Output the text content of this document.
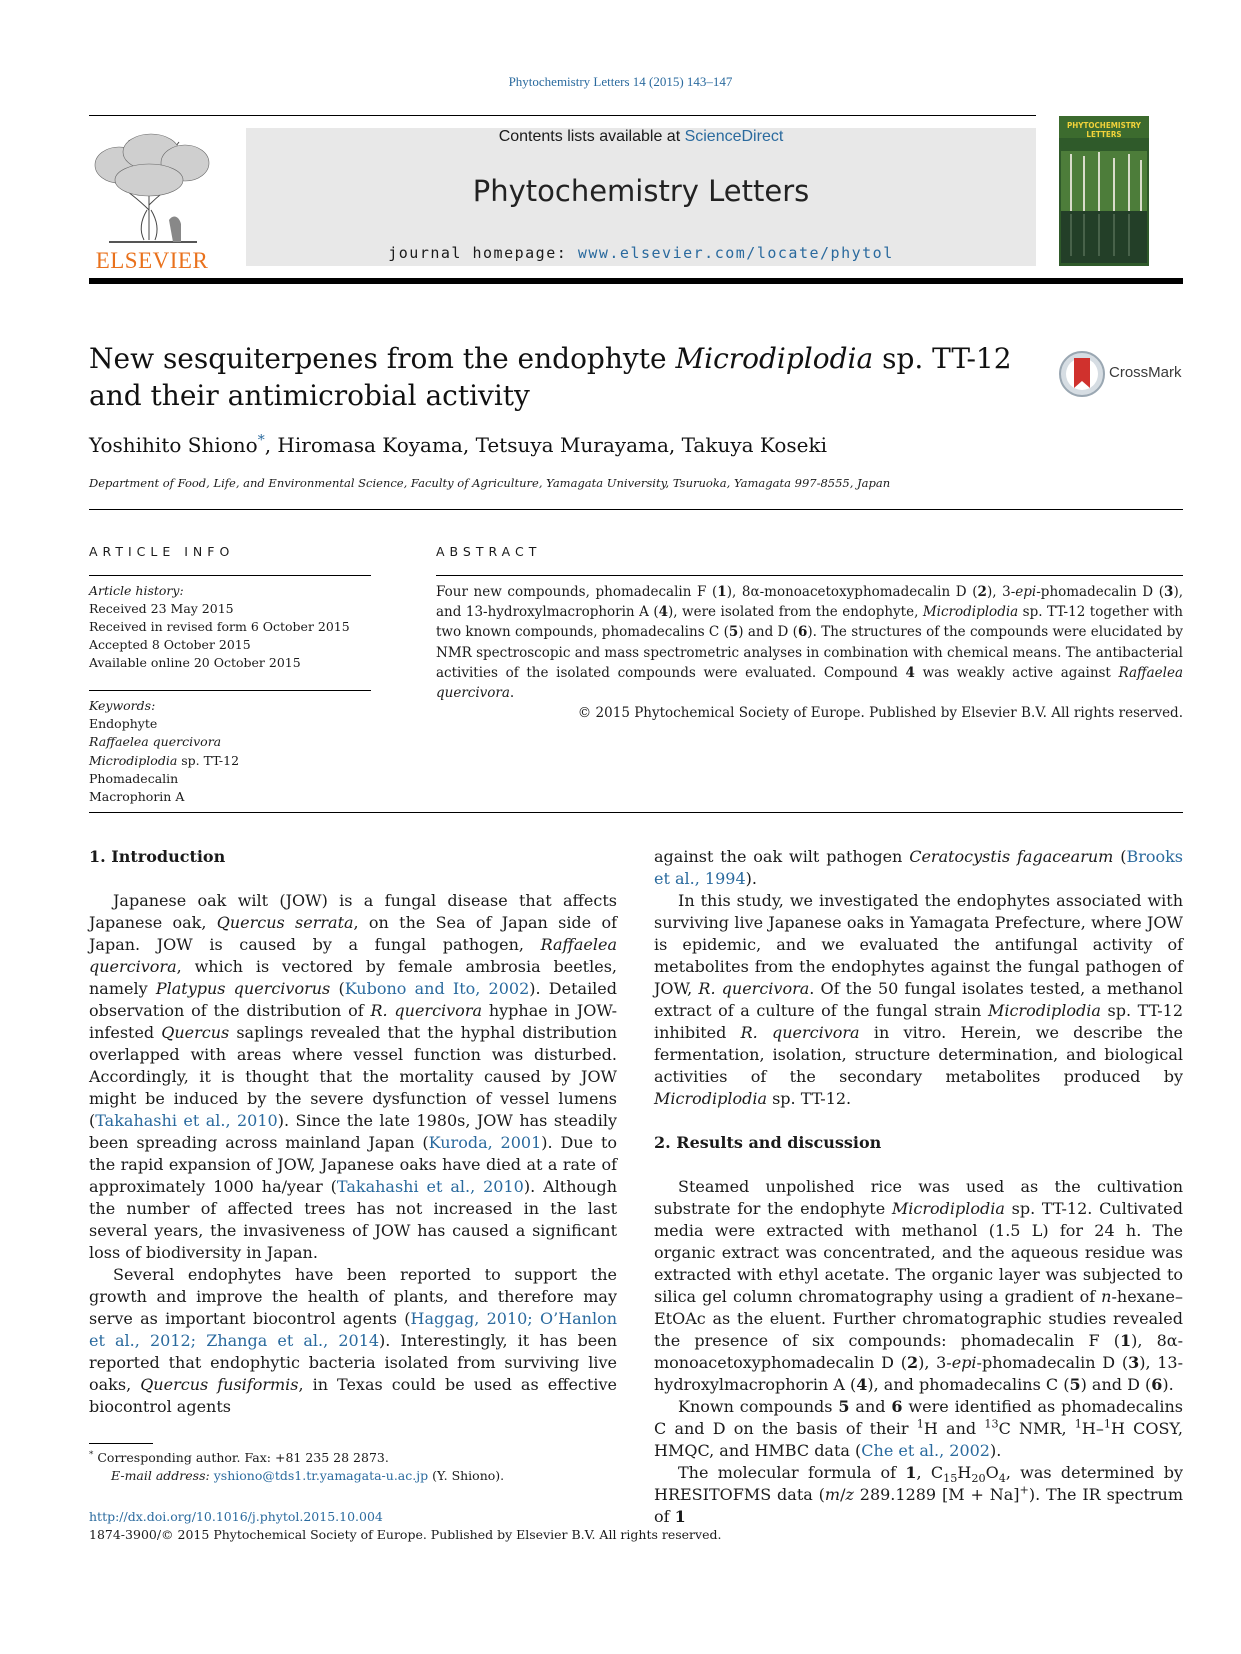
Phytochemistry Letters 14 (2015) 143–147
ELSEVIER
Contents lists available at ScienceDirect
Phytochemistry Letters
journal homepage: www.elsevier.com/locate/phytol
PHYTOCHEMISTRY LETTERS
New sesquiterpenes from the endophyte Microdiplodia sp. TT-12 and their antimicrobial activity
CrossMark
Yoshihito Shiono*, Hiromasa Koyama, Tetsuya Murayama, Takuya Koseki
Department of Food, Life, and Environmental Science, Faculty of Agriculture, Yamagata University, Tsuruoka, Yamagata 997-8555, Japan
ARTICLE INFO	ABSTRACT
Article history:
Received 23 May 2015
Received in revised form 6 October 2015
Accepted 8 October 2015
Available online 20 October 2015
Keywords:
Endophyte
Raffaelea quercivora
Microdiplodia sp. TT-12
Phomadecalin
Macrophorin A
Four new compounds, phomadecalin F (1), 8α-monoacetoxyphomadecalin D (2), 3-epi-phomadecalin D (3), and 13-hydroxylmacrophorin A (4), were isolated from the endophyte, Microdiplodia sp. TT-12 together with two known compounds, phomadecalins C (5) and D (6). The structures of the compounds were elucidated by NMR spectroscopic and mass spectrometric analyses in combination with chemical means. The antibacterial activities of the isolated compounds were evaluated. Compound 4 was weakly active against Raffaelea quercivora.
© 2015 Phytochemical Society of Europe. Published by Elsevier B.V. All rights reserved.
1. Introduction

Japanese oak wilt (JOW) is a fungal disease that affects Japanese oak, Quercus serrata, on the Sea of Japan side of Japan. JOW is caused by a fungal pathogen, Raffaelea quercivora, which is vectored by female ambrosia beetles, namely Platypus quercivorus (Kubono and Ito, 2002). Detailed observation of the distribution of R. quercivora hyphae in JOW-infested Quercus saplings revealed that the hyphal distribution overlapped with areas where vessel function was disturbed. Accordingly, it is thought that the mortality caused by JOW might be induced by the severe dysfunction of vessel lumens (Takahashi et al., 2010). Since the late 1980s, JOW has steadily been spreading across mainland Japan (Kuroda, 2001). Due to the rapid expansion of JOW, Japanese oaks have died at a rate of approximately 1000 ha/year (Takahashi et al., 2010). Although the number of affected trees has not increased in the last several years, the invasiveness of JOW has caused a significant loss of biodiversity in Japan.

Several endophytes have been reported to support the growth and improve the health of plants, and therefore may serve as important biocontrol agents (Haggag, 2010; O’Hanlon et al., 2012; Zhanga et al., 2014). Interestingly, it has been reported that endophytic bacteria isolated from surviving live oaks, Quercus fusiformis, in Texas could be used as effective biocontrol agents

against the oak wilt pathogen Ceratocystis fagacearum (Brooks et al., 1994).

In this study, we investigated the endophytes associated with surviving live Japanese oaks in Yamagata Prefecture, where JOW is epidemic, and we evaluated the antifungal activity of metabolites from the endophytes against the fungal pathogen of JOW, R. quercivora. Of the 50 fungal isolates tested, a methanol extract of a culture of the fungal strain Microdiplodia sp. TT-12 inhibited R. quercivora in vitro. Herein, we describe the fermentation, isolation, structure determination, and biological activities of the secondary metabolites produced by Microdiplodia sp. TT-12.

2. Results and discussion

Steamed unpolished rice was used as the cultivation substrate for the endophyte Microdiplodia sp. TT-12. Cultivated media were extracted with methanol (1.5 L) for 24 h. The organic extract was concentrated, and the aqueous residue was extracted with ethyl acetate. The organic layer was subjected to silica gel column chromatography using a gradient of n-hexane–EtOAc as the eluent. Further chromatographic studies revealed the presence of six compounds: phomadecalin F (1), 8α-monoacetoxyphomadecalin D (2), 3-epi-phomadecalin D (3), 13-hydroxylmacrophorin A (4), and phomadecalins C (5) and D (6).

Known compounds 5 and 6 were identified as phomadecalins C and D on the basis of their $^1$H and $^{13}$C NMR, $^1$H–$^1$H COSY, HMQC, and HMBC data (Che et al., 2002).

The molecular formula of 1, $C_{15}H_{20}O_4$, was determined by HRESITOFMS data (m/z 289.1289 [M + Na]+). The IR spectrum of 1

* Corresponding author. Fax: +81 235 28 2873.
E-mail address: yshiono@tds1.tr.yamagata-u.ac.jp (Y. Shiono).
http://dx.doi.org/10.1016/j.phytol.2015.10.004
1874-3900/© 2015 Phytochemical Society of Europe. Published by Elsevier B.V. All rights reserved.
